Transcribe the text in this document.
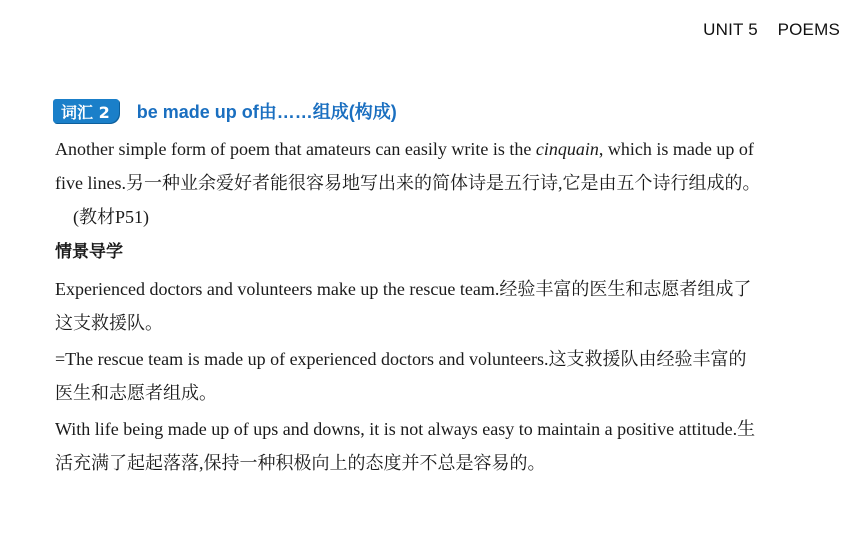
UNIT 5    POEMS
词汇 2	be made up of由……组成(构成)
Another simple form of poem that amateurs can easily write is the cinquain, which is made up of
five lines.另一种业余爱好者能很容易地写出来的简体诗是五行诗,它是由五个诗行组成的。
(教材P51)
情景导学
Experienced doctors and volunteers make up the rescue team.经验丰富的医生和志愿者组成了
这支救援队。
=The rescue team is made up of experienced doctors and volunteers.这支救援队由经验丰富的
医生和志愿者组成。
With life being made up of ups and downs, it is not always easy to maintain a positive attitude.生
活充满了起起落落,保持一种积极向上的态度并不总是容易的。
